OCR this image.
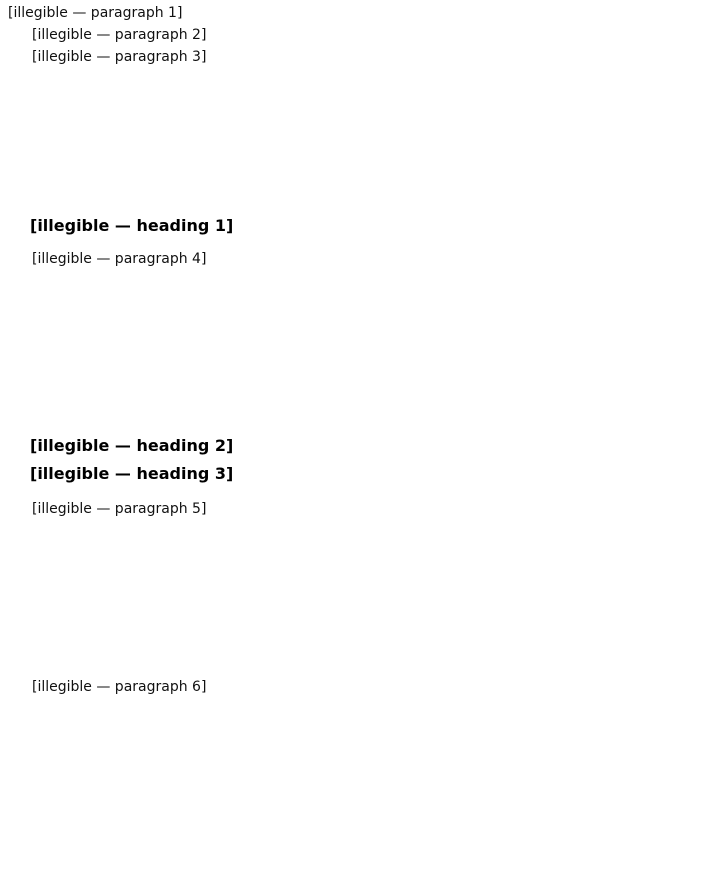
[illegible — paragraph 1]

[illegible — paragraph 2]

[illegible — paragraph 3]

[illegible — heading 1]

[illegible — paragraph 4]

[illegible — heading 2]
[illegible — heading 3]

[illegible — paragraph 5]

[illegible — paragraph 6]
